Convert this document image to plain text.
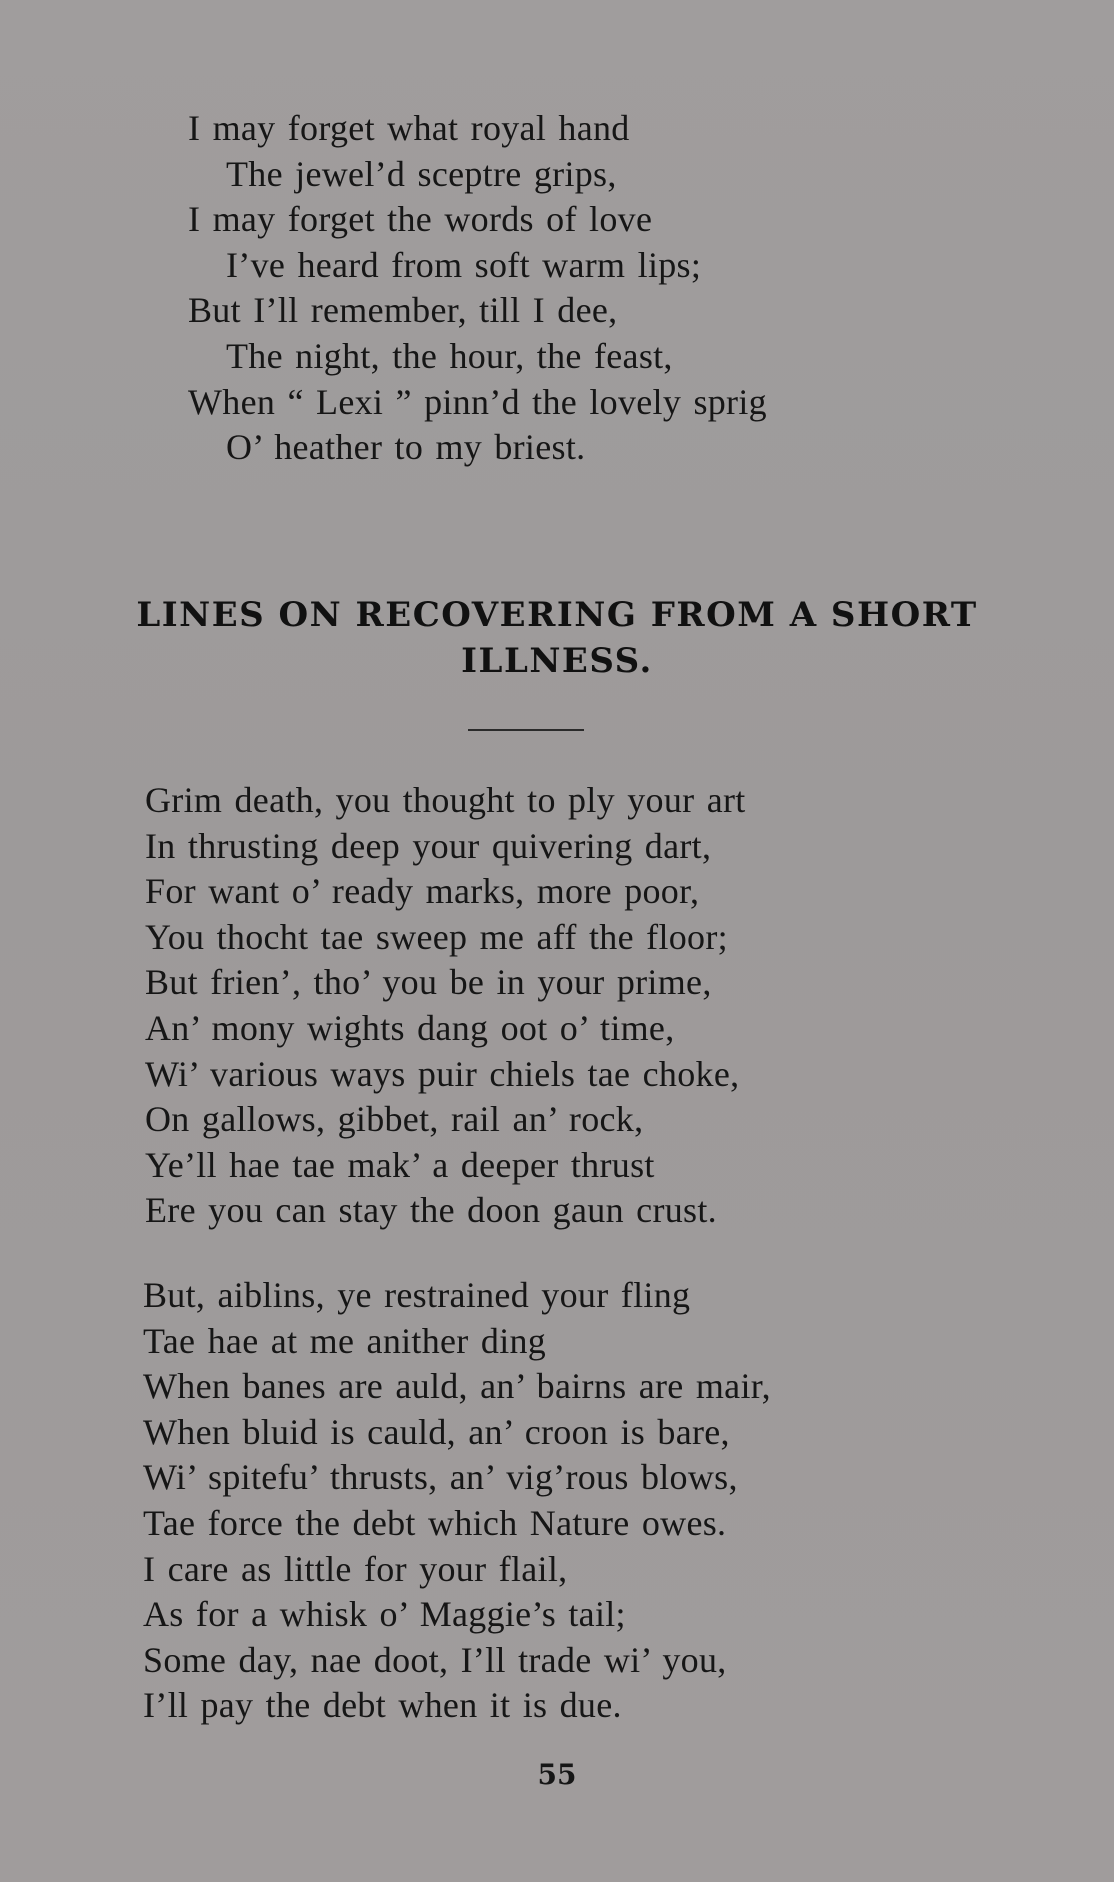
I may forget what royal hand
The jewel’d sceptre grips,
I may forget the words of love
I’ve heard from soft warm lips;
But I’ll remember, till I dee,
The night, the hour, the feast,
When “ Lexi ” pinn’d the lovely sprig
O’ heather to my briest.
LINES ON RECOVERING FROM A SHORT
ILLNESS.
Grim death, you thought to ply your art
In thrusting deep your quivering dart,
For want o’ ready marks, more poor,
You thocht tae sweep me aff the floor;
But frien’, tho’ you be in your prime,
An’ mony wights dang oot o’ time,
Wi’ various ways puir chiels tae choke,
On gallows, gibbet, rail an’ rock,
Ye’ll hae tae mak’ a deeper thrust
Ere you can stay the doon gaun crust.
But, aiblins, ye restrained your fling
Tae hae at me anither ding
When banes are auld, an’ bairns are mair,
When bluid is cauld, an’ croon is bare,
Wi’ spitefu’ thrusts, an’ vig’rous blows,
Tae force the debt which Nature owes.
I care as little for your flail,
As for a whisk o’ Maggie’s tail;
Some day, nae doot, I’ll trade wi’ you,
I’ll pay the debt when it is due.
55
